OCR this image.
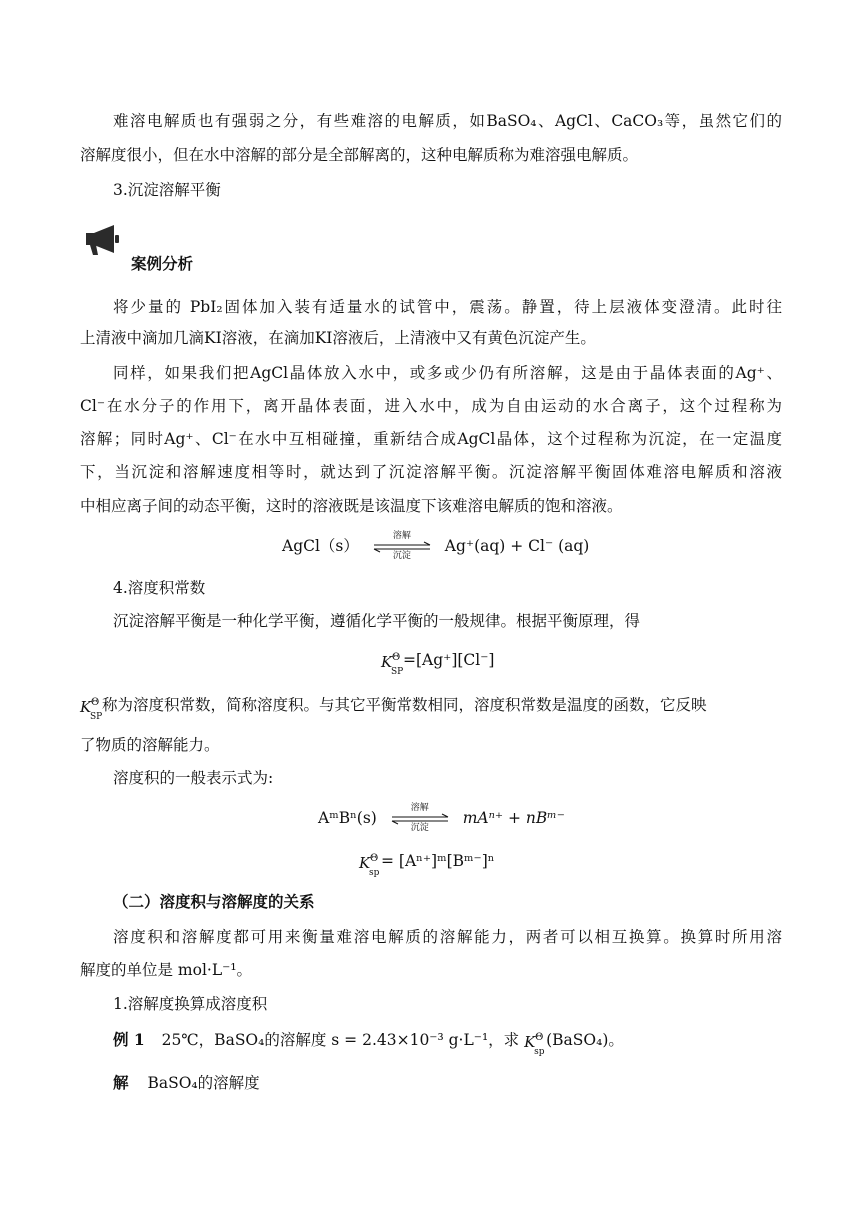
难溶电解质也有强弱之分，有些难溶的电解质，如BaSO₄、AgCl、CaCO₃等，虽然它们的
溶解度很小，但在水中溶解的部分是全部解离的，这种电解质称为难溶强电解质。
3.沉淀溶解平衡
案例分析
将少量的 PbI₂固体加入装有适量水的试管中，震荡。静置，待上层液体变澄清。此时往
上清液中滴加几滴KI溶液，在滴加KI溶液后，上清液中又有黄色沉淀产生。
同样，如果我们把AgCl晶体放入水中，或多或少仍有所溶解，这是由于晶体表面的Ag⁺、
Cl⁻在水分子的作用下，离开晶体表面，进入水中，成为自由运动的水合离子，这个过程称为
溶解；同时Ag⁺、Cl⁻在水中互相碰撞，重新结合成AgCl晶体，这个过程称为沉淀，在一定温度
下，当沉淀和溶解速度相等时，就达到了沉淀溶解平衡。沉淀溶解平衡固体难溶电解质和溶液
中相应离子间的动态平衡，这时的溶液既是该温度下该难溶电解质的饱和溶液。
AgCl（s）
溶解
沉淀
Ag⁺(aq) + Cl⁻ (aq)
4.溶度积常数
沉淀溶解平衡是一种化学平衡，遵循化学平衡的一般规律。根据平衡原理，得
K Θ
SP
=[Ag⁺][Cl⁻]
K Θ
SP
称为溶度积常数，简称溶度积。与其它平衡常数相同，溶度积常数是温度的函数，它反映
了物质的溶解能力。
溶度积的一般表示式为:
AᵐBⁿ(s)
溶解
沉淀
mAⁿ⁺ + nBᵐ⁻
K Θ
sp
= [Aⁿ⁺]ᵐ[Bᵐ⁻]ⁿ
（二）溶度积与溶解度的关系
溶度积和溶解度都可用来衡量难溶电解质的溶解能力，两者可以相互换算。换算时所用溶
解度的单位是 mol·L⁻¹。
1.溶解度换算成溶度积
例 1 25℃，BaSO₄的溶解度 s = 2.43×10⁻³ g·L⁻¹，求 K Θ
sp
(BaSO₄)。
解 BaSO₄的溶解度
